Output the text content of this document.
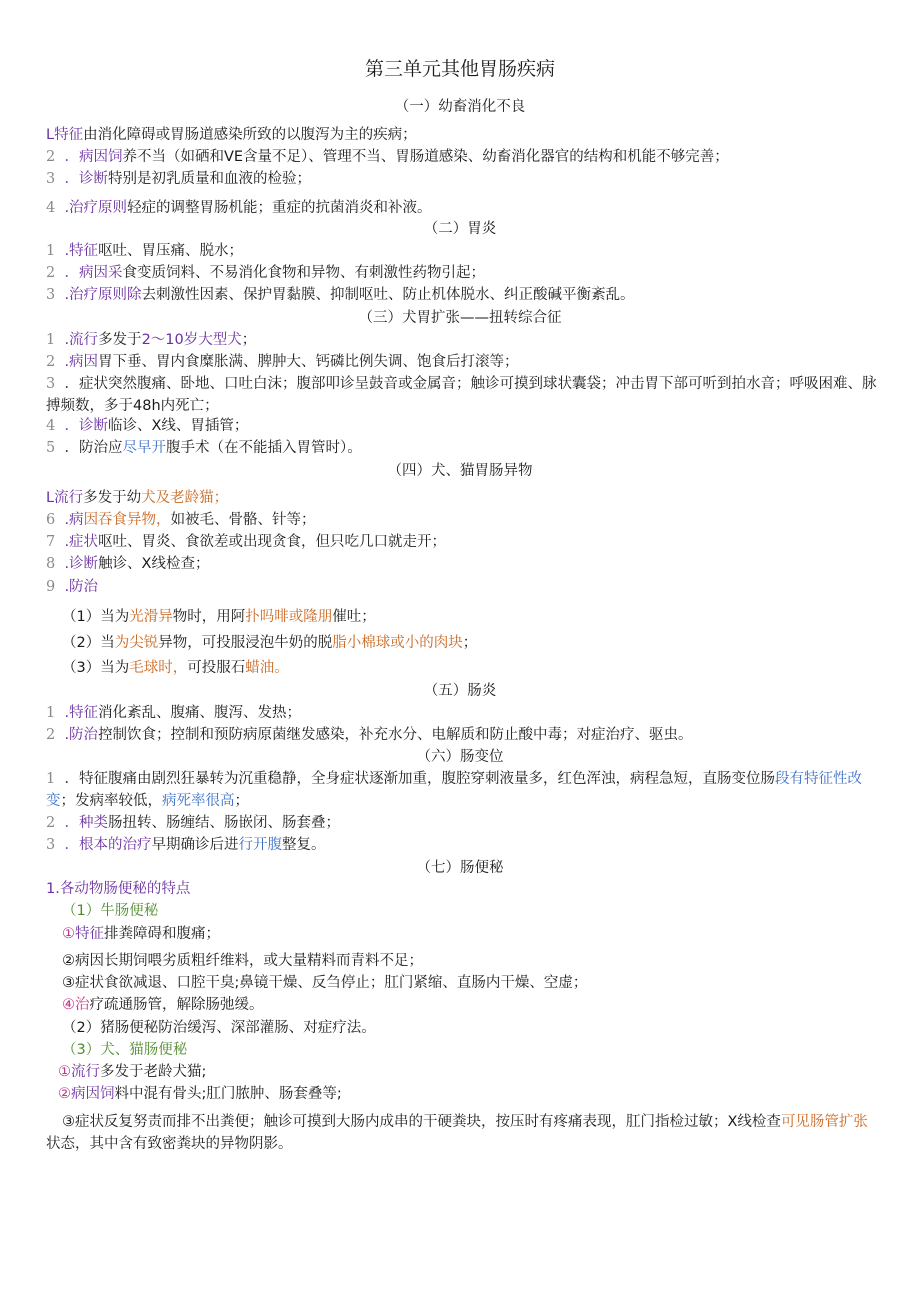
第三单元其他胃肠疾病
（一）幼畜消化不良
L特征由消化障碍或胃肠道感染所致的以腹泻为主的疾病；
2 ．病因饲养不当（如硒和VE含量不足）、管理不当、胃肠道感染、幼畜消化器官的结构和机能不够完善；
3 ．诊断特别是初乳质量和血液的检验；
4 .治疗原则轻症的调整胃肠机能；重症的抗菌消炎和补液。
（二）胃炎
1 .特征呕吐、胃压痛、脱水；
2 ．病因采食变质饲料、不易消化食物和异物、有刺激性药物引起；
3 .治疗原则除去刺激性因素、保护胃黏膜、抑制呕吐、防止机体脱水、纠正酸碱平衡紊乱。
（三）犬胃扩张——扭转综合征
1 .流行多发于2～10岁大型犬；
2 .病因胃下垂、胃内食糜胀满、脾肿大、钙磷比例失调、饱食后打滚等；
3 ．症状突然腹痛、卧地、口吐白沫；腹部叩诊呈鼓音或金属音；触诊可摸到球状囊袋；冲击胃下部可听到拍水音；呼吸困难、脉搏频数，多于48h内死亡；
4 ．诊断临诊、X线、胃插管；
5 ．防治应尽早开腹手术（在不能插入胃管时）。
（四）犬、猫胃肠异物
L流行多发于幼犬及老龄猫；
6 .病因吞食异物，如被毛、骨骼、针等；
7 .症状呕吐、胃炎、食欲差或出现贪食，但只吃几口就走开；
8 .诊断触诊、X线检查；
9 .防治
（1）当为光滑异物时，用阿扑吗啡或隆朋催吐；
（2）当为尖锐异物，可投服浸泡牛奶的脱脂小棉球或小的肉块；
（3）当为毛球时，可投服石蜡油。
（五）肠炎
1 .特征消化紊乱、腹痛、腹泻、发热；
2 .防治控制饮食；控制和预防病原菌继发感染，补充水分、电解质和防止酸中毒；对症治疗、驱虫。
（六）肠变位
1 ．特征腹痛由剧烈狂暴转为沉重稳静，全身症状逐渐加重，腹腔穿刺液量多，红色浑浊，病程急短，直肠变位肠段有特征性改变；发病率较低，病死率很高；
2 ．种类肠扭转、肠缠结、肠嵌闭、肠套叠；
3 ．根本的治疗早期确诊后进行开腹整复。
（七）肠便秘
1.各动物肠便秘的特点
（1）牛肠便秘
①特征排粪障碍和腹痛；
②病因长期饲喂劣质粗纤维料，或大量精料而青料不足；
③症状食欲减退、口腔干臭;鼻镜干燥、反刍停止；肛门紧缩、直肠内干燥、空虚；
④治疗疏通肠管，解除肠弛缓。
（2）猪肠便秘防治缓泻、深部灌肠、对症疗法。
（3）犬、猫肠便秘
①流行多发于老龄犬猫;
②病因饲料中混有骨头;肛门脓肿、肠套叠等;
③症状反复努责而排不出粪便；触诊可摸到大肠内成串的干硬粪块，按压时有疼痛表现，肛门指检过敏；X线检查可见肠管扩张状态，其中含有致密粪块的异物阴影。
